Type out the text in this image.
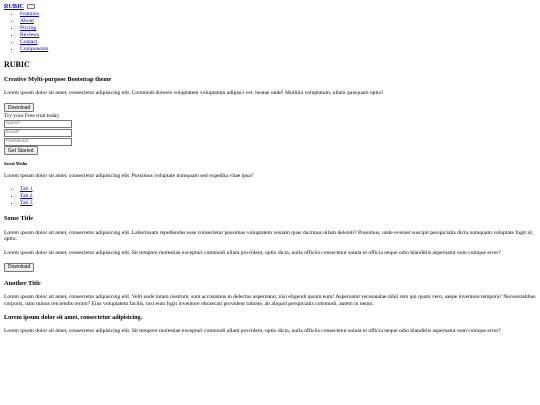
RUBIC
• Features
• About
• Pricing
• Reviews
• Contact
• Components
RUBIC
Creative Mylti-purpose Bootstrap theme

Lorem ipsum dolor sit amet, consectetur adipisicing elit. Commodi dolores voluptatem voluptatum adipisci vel, beatae unde! Mollitia voluptatum, ullam quisquam optio!

Download
Try your Free trial today.
Name*
Email*
Password*
Get Started
Social Media

Lorem ipsum dolor sit amet, consectetur adipisicing elit. Possimus voluptate numquam sed expedita vitae ipsa?

• Tab 1
• Tab 2
• Tab 3
Some Title

Lorem ipsum dolor sit amet, consectetur adipisicing elit. Laboriosam repellendus esse consectetur possimus voluptatem veniam quas ducimus ullam deleniti? Possimus, unde eveniet suscipit perspiciatis dicta numquam voluptate fugit id, optio.

Lorem ipsum dolor sit amet, consectetur adipisicing elit. Sit tempore molestiae excepturi commodi ullam provident, optio dicta, nulla officiis consectetur soluta et officia neque odio blanditiis aspernatur eum cumque error?

Download
Another Title

Lorem ipsum dolor sit amet, consectetur adipisicing elit. Velit unde totam nostrum, sunt accusamus in delectus aspernatur, nisi eligendi ipsum eum! Aspernatur recusandae nihil rem qui quam vero, saepe inventore tempora? Necessitatibus corporis, nam minus reiciendis rerum? Eius voluptatem facilis, nisi eum fugit inventore obcaecati provident ratione, ab aliquid perspiciatis commodi, autem in nemo.

Lorem ipsum dolor sit amet, consectetur adipisicing.

Lorem ipsum dolor sit amet, consectetur adipisicing elit. Sit tempore molestiae excepturi commodi ullam provident, optio dicta, nulla officiis consectetur soluta et officia neque odio blanditiis aspernatur eum cumque error?
